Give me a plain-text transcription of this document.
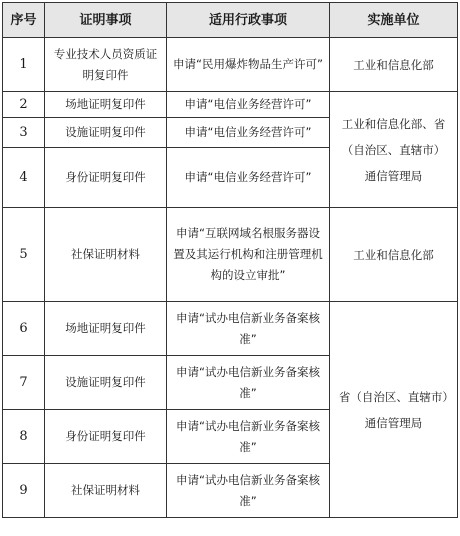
序号	证明事项	适用行政事项	实施单位
1	专业技术人员资质证明复印件	申请“民用爆炸物品生产许可”	工业和信息化部
2	场地证明复印件	申请“电信业务经营许可”	工业和信息化部、省（自治区、直辖市）通信管理局
3	设施证明复印件	申请“电信业务经营许可”	
4	身份证明复印件	申请“电信业务经营许可”	
5	社保证明材料	申请“互联网域名根服务器设置及其运行机构和注册管理机构的设立审批”	工业和信息化部
6	场地证明复印件	申请“试办电信新业务备案核准”	省（自治区、直辖市）通信管理局
7	设施证明复印件	申请“试办电信新业务备案核准”	
8	身份证明复印件	申请“试办电信新业务备案核准”	
9	社保证明材料	申请“试办电信新业务备案核准”	
